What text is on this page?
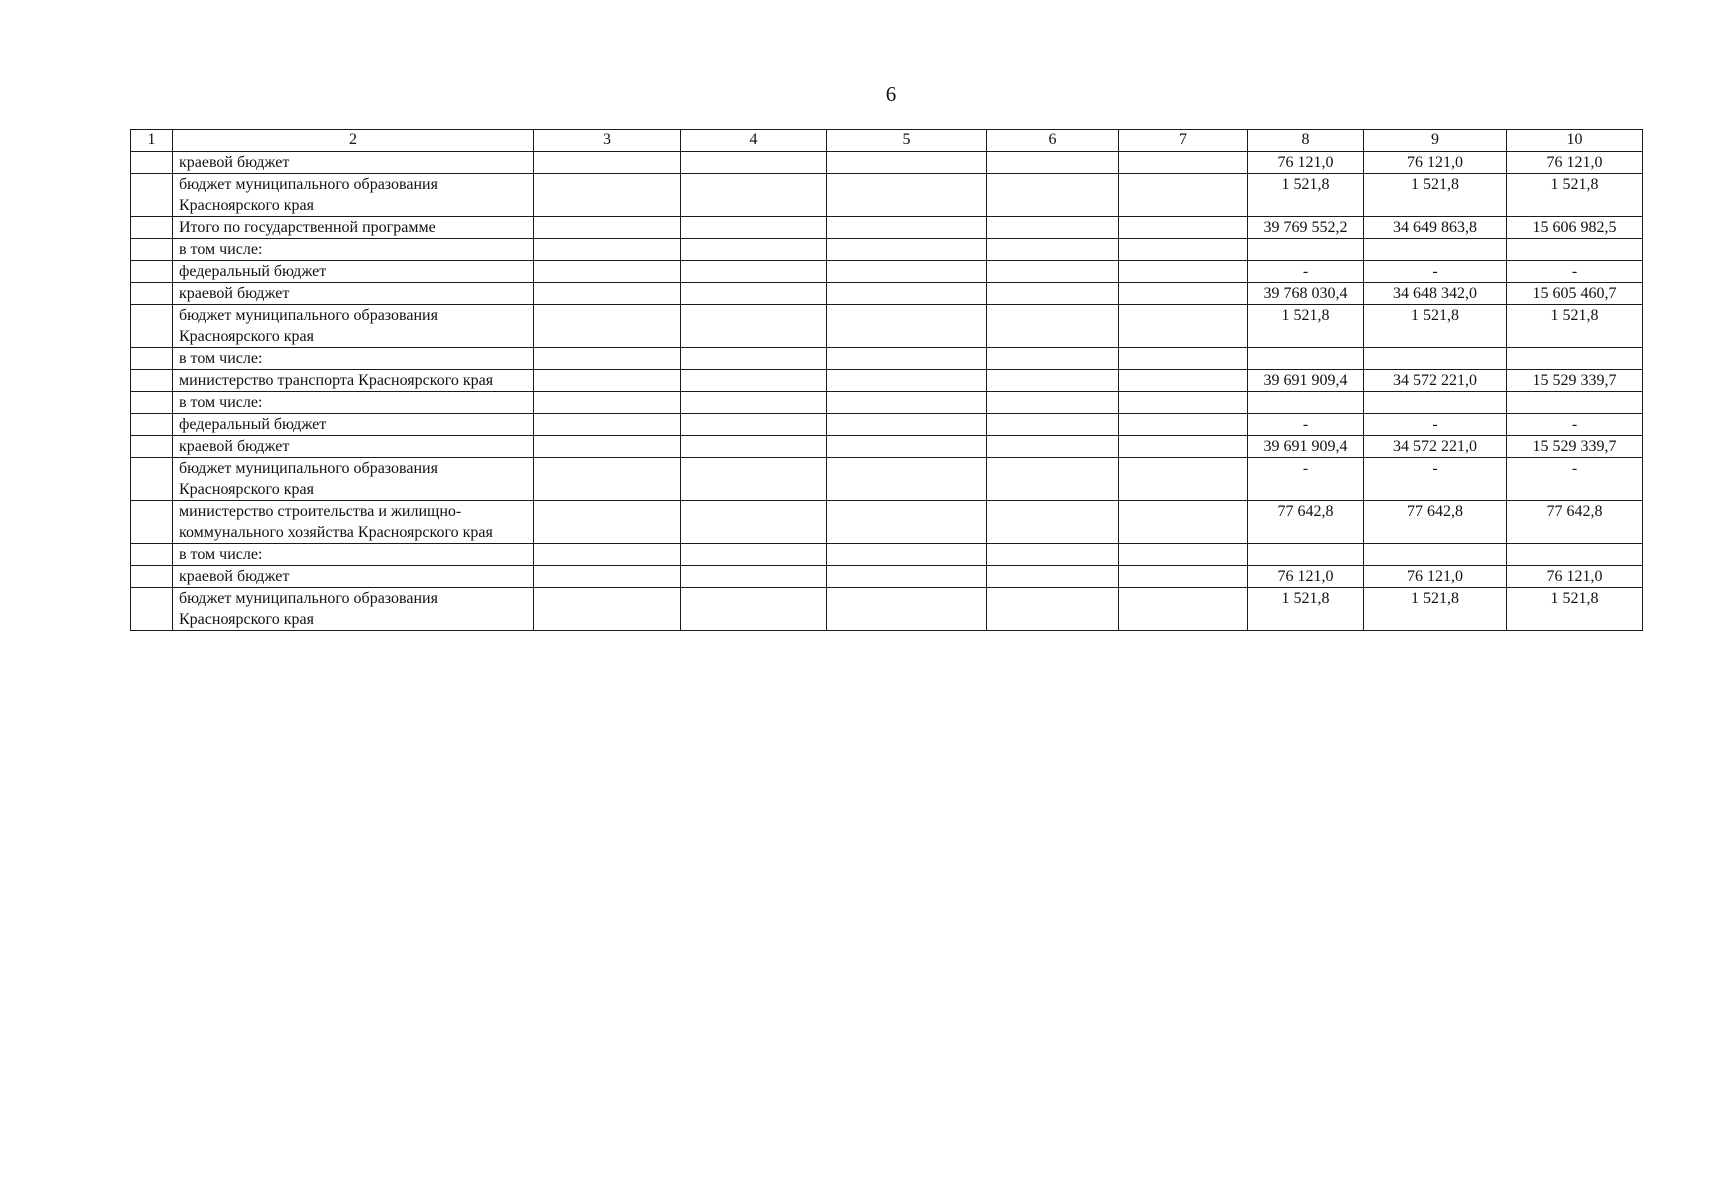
6
1	2	3	4	5	6	7	8	9	10
	краевой бюджет						76 121,0	76 121,0	76 121,0
	бюджет муниципального образования Красноярского края						1 521,8	1 521,8	1 521,8
	Итого по государственной программе						39 769 552,2	34 649 863,8	15 606 982,5
	в том числе:								
	федеральный бюджет						-	-	-
	краевой бюджет						39 768 030,4	34 648 342,0	15 605 460,7
	бюджет муниципального образования Красноярского края						1 521,8	1 521,8	1 521,8
	в том числе:								
	министерство транспорта Красноярского края						39 691 909,4	34 572 221,0	15 529 339,7
	в том числе:								
	федеральный бюджет						-	-	-
	краевой бюджет						39 691 909,4	34 572 221,0	15 529 339,7
	бюджет муниципального образования Красноярского края						-	-	-
	министерство строительства и жилищно-коммунального хозяйства Красноярского края						77 642,8	77 642,8	77 642,8
	в том числе:								
	краевой бюджет						76 121,0	76 121,0	76 121,0
	бюджет муниципального образования Красноярского края						1 521,8	1 521,8	1 521,8
